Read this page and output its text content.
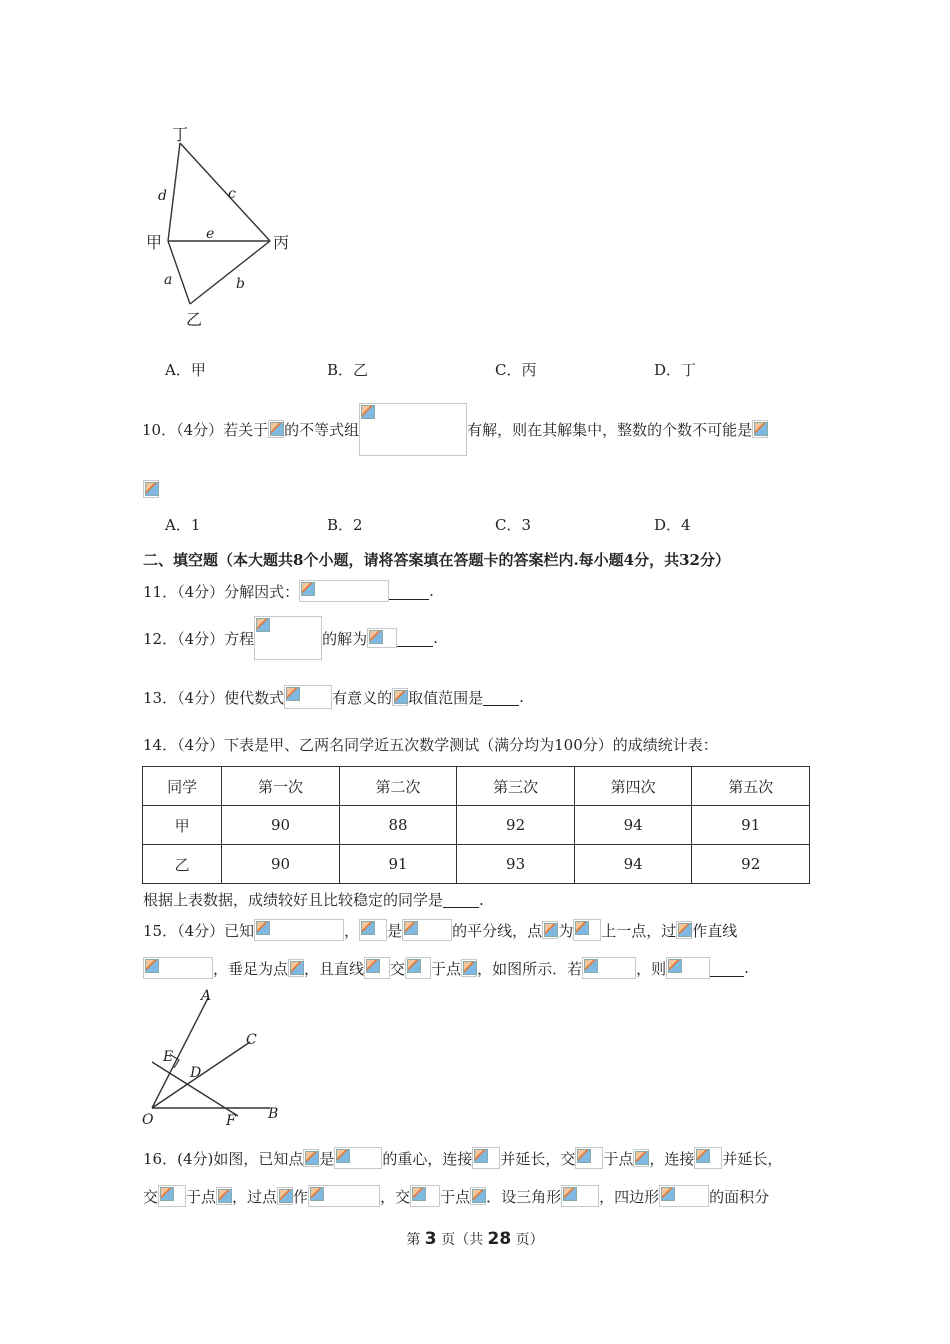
丁
甲	丙
乙
d	c
e
a	b
A．甲	B．乙	C．丙	D．丁
10．（4分）若关于 的不等式组	有解，则在其解集中，整数的个数不可能是
A．1	B．2	C．3	D．4
二、填空题（本大题共8个小题，请将答案填在答题卡的答案栏内.每小题4分，共32分）
11．（4分）分解因式：	.
12．（4分）方程	的解为	.
13．（4分）使代数式	有意义的 取值范围是 .
14．（4分）下表是甲、乙两名同学近五次数学测试（满分均为100分）的成绩统计表：
同学	第一次	第二次	第三次	第四次	第五次
甲	90	88	92	94	91
乙	90	91	93	94	92
根据上表数据，成绩较好且比较稳定的同学是 .
15．（4分）已知	， 是	的平分线，点 为 上一点，过 作直线
，垂足为点 ，且直线 交 于点 ，如图所示．若	，则	.
A
C
E
D
O	F B
16．(4分)如图，已知点 是	的重心，连接 并延长，交 于点 ，连接 并延长，
交 于点 ，过点 作	，交 于点 ．设三角形	，四边形	的面积分
第 3 页（共 28 页）
